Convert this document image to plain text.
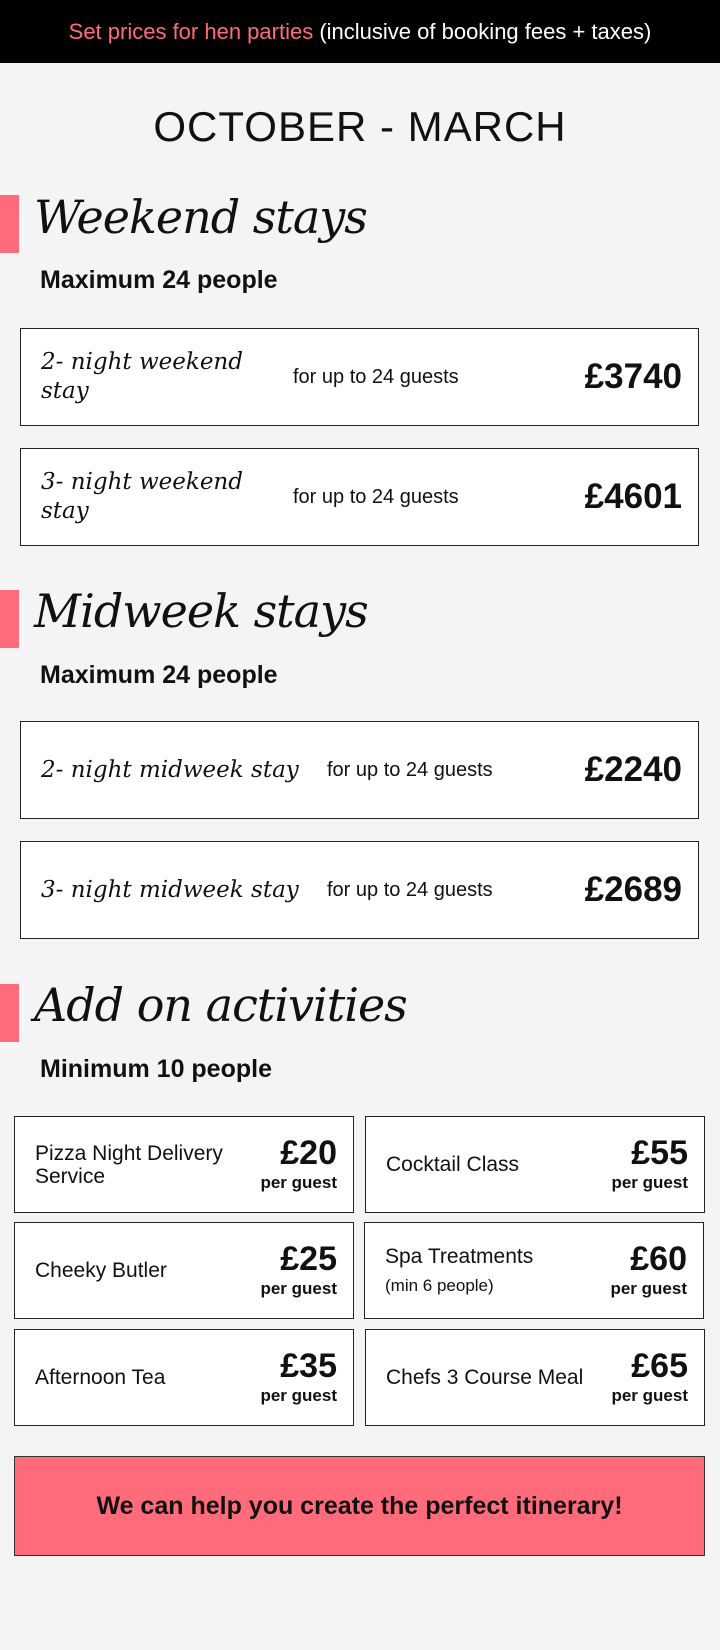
Set prices for hen parties (inclusive of booking fees + taxes)
OCTOBER - MARCH
Weekend stays
Maximum 24 people
2- night weekend stay
for up to 24 guests	£3740
3- night weekend stay
for up to 24 guests	£4601
Midweek stays
Maximum 24 people
2- night midweek stay	for up to 24 guests	£2240
3- night midweek stay	for up to 24 guests	£2689
Add on activities
Minimum 10 people
Pizza Night Delivery Service
£20
per guest
Cocktail Class	£55
per guest
Cheeky Butler	£25
per guest
Spa Treatments
(min 6 people)
£60
per guest
Afternoon Tea	£35
per guest
Chefs 3 Course Meal £65
per guest
We can help you create the perfect itinerary!
